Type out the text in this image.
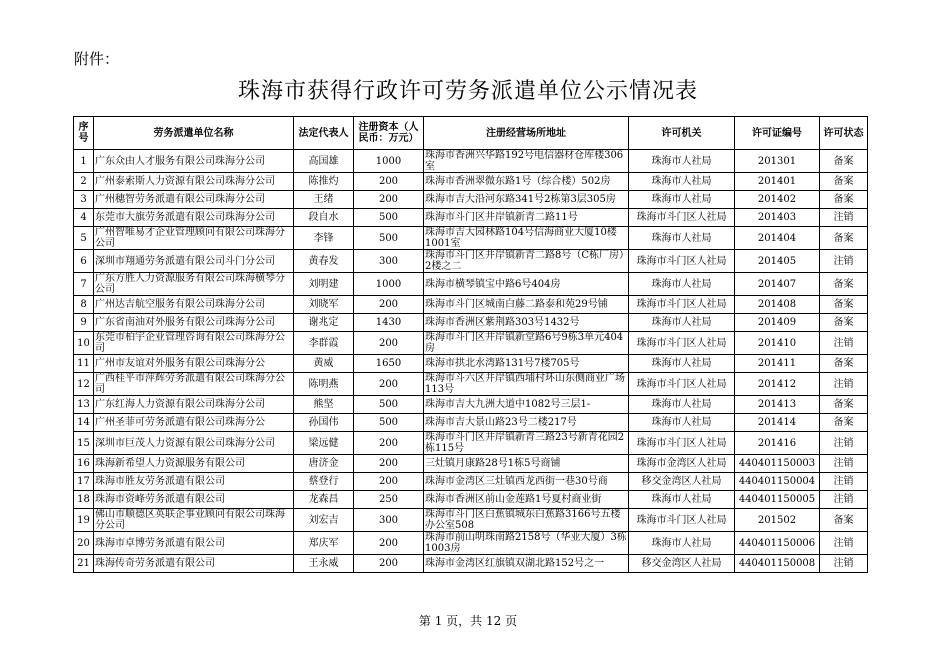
附件：
珠海市获得行政许可劳务派遣单位公示情况表
序号	劳务派遣单位名称	法定代表人	注册资本（人民币：万元）	注册经营场所地址	许可机关	许可证编号	许可状态
1	广东众由人才服务有限公司珠海分公司	高国雄	1000	珠海市香洲兴华路192号电信器材仓库楼306室	珠海市人社局	201301	备案
2	广州泰索斯人力资源有限公司珠海分公司	陈推灼	200	珠海市香洲翠微东路1号（综合楼）502房	珠海市人社局	201401	备案
3	广州穗智劳务派遣有限公司珠海分公司	王绪	200	珠海市吉大沿河东路341号2栋第3层305房	珠海市人社局	201402	备案
4	东莞市大旗劳务派遣有限公司珠海分公司	段自水	500	珠海市斗门区井岸镇新青二路11号	珠海市斗门区人社局	201403	注销
5	广州智唯易才企业管理顾问有限公司珠海分公司	李锋	500	珠海市吉大园林路104号信海商业大厦10楼1001室	珠海市人社局	201404	备案
6	深圳市翔通劳务派遣有限公司斗门分公司	黄春发	300	珠海市斗门区井岸镇新青二路8号（C栋厂房）2楼之二	珠海市斗门区人社局	201405	注销
7	广东方胜人力资源服务有限公司珠海横琴分公司	刘明建	1000	珠海市横琴镇宝中路6号404房	珠海市人社局	201407	备案
8	广州达吉航空服务有限公司珠海分公司	刘晓军	200	珠海市斗门区城南白藤二路泰和苑29号铺	珠海市斗门区人社局	201408	备案
9	广东省南油对外服务有限公司珠海分公司	谢兆定	1430	珠海市香洲区紫荆路303号1432号	珠海市人社局	201409	备案
10	东莞市柏宇企业管理咨询有限公司珠海分公司	李群霞	200	珠海市斗门区井岸镇新堂路6号9栋3单元404房	珠海市斗门区人社局	201410	注销
11	广州市友谊对外服务有限公司珠海分公	黄威	1650	珠海市拱北水湾路131号7楼705号	珠海市人社局	201411	备案
12	广西桂平市萍辉劳务派遣有限公司珠海分公司	陈明燕	200	珠海市斗六区井岸镇西埔村环山东侧商业广场113号	珠海市斗门区人社局	201412	注销
13	广东红海人力资源有限公司珠海分公司	熊坚	500	珠海市吉大九洲大道中1082号三层1-	珠海市人社局	201413	备案
14	广州圣菲可劳务派遣有限公司珠海分公	孙国伟	500	珠海市吉大景山路23号二楼217号	珠海市人社局	201414	备案
15	深圳市巨茂人力资源有限公司珠海分公司	梁远健	200	珠海市斗门区井岸镇新青三路23号新青花园2栋115号	珠海市斗门区人社局	201416	注销
16	珠海新希望人力资源服务有限公司	唐济金	200	三灶镇月康路28号1栋5号商铺	珠海市金湾区人社局	440401150003	注销
17	珠海市胜友劳务派遣有限公司	蔡登行	200	珠海市金湾区三灶镇西龙西街一巷30号商	移交金湾区人社局	440401150004	注销
18	珠海市资峰劳务派遣有限公司	龙森昌	250	珠海市香洲区前山金莲路1号夏村商业街	珠海市人社局	440401150005	注销
19	佛山市顺德区英联企事业顾问有限公司珠海分公司	刘宏吉	300	珠海市斗门区白蕉镇城东白蕉路3166号五楼办公室508	珠海市斗门区人社局	201502	备案
20	珠海市卓博劳务派遣有限公司	郑庆军	200	珠海市前山明珠南路2158号（华业大厦）3栋1003房	珠海市人社局	440401150006	注销
21	珠海传奇劳务派遣有限公司	王永威	200	珠海市金湾区红旗镇双湖北路152号之一	移交金湾区人社局	440401150008	注销
第 1 页，共 12 页
